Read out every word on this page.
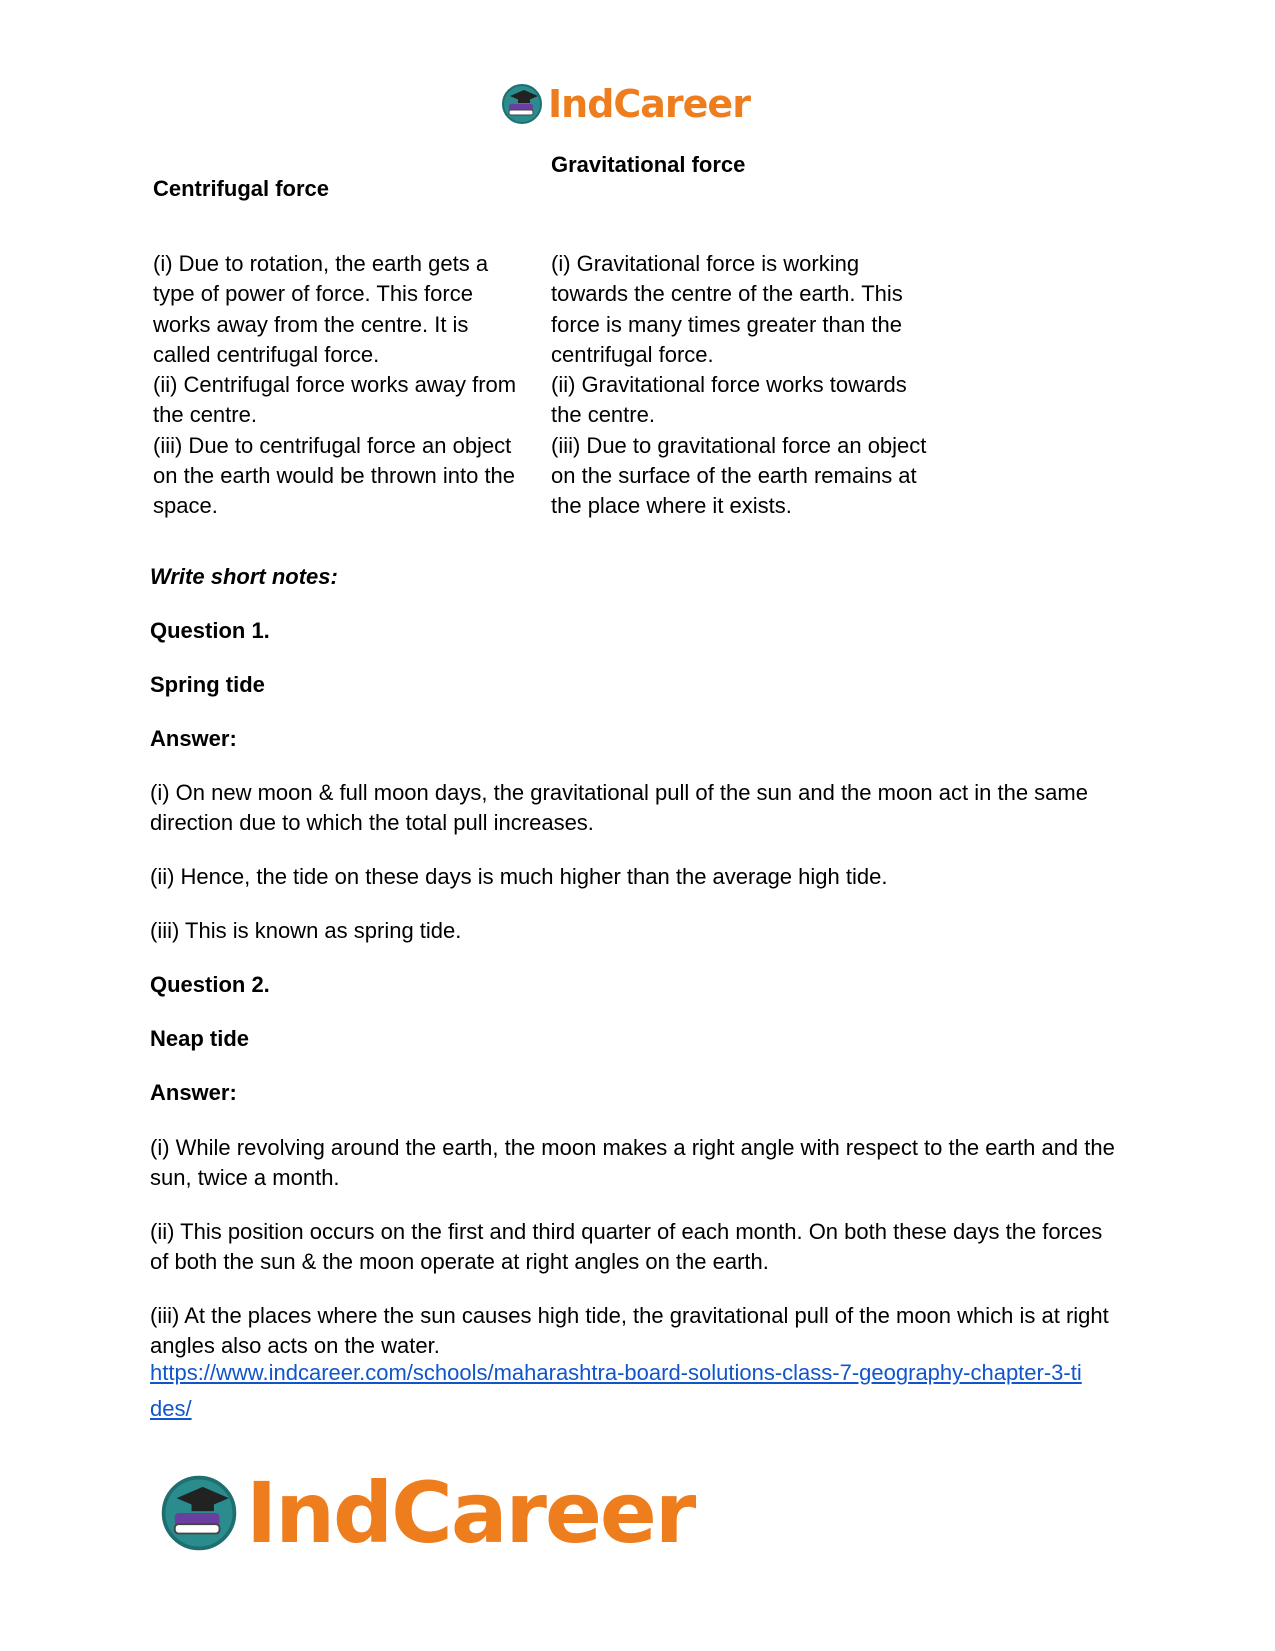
IndCareer

Centrifugal force

Gravitational force

(i) Due to rotation, the earth gets a
type of power of force. This force
works away from the centre. It is
called centrifugal force.
(ii) Centrifugal force works away from
the centre.
(iii) Due to centrifugal force an object
on the earth would be thrown into the
space.
(i) Gravitational force is working
towards the centre of the earth. This
force is many times greater than the
centrifugal force.
(ii) Gravitational force works towards
the centre.
(iii) Due to gravitational force an object
on the surface of the earth remains at
the place where it exists.

Write short notes:

Question 1.

Spring tide

Answer:

(i) On new moon & full moon days, the gravitational pull of the sun and the moon act in the same direction due to which the total pull increases.

(ii) Hence, the tide on these days is much higher than the average high tide.

(iii) This is known as spring tide.

Question 2.

Neap tide

Answer:

(i) While revolving around the earth, the moon makes a right angle with respect to the earth and the sun, twice a month.

(ii) This position occurs on the first and third quarter of each month. On both these days the forces of both the sun & the moon operate at right angles on the earth.

(iii) At the places where the sun causes high tide, the gravitational pull of the moon which is at right angles also acts on the water.

https://www.indcareer.com/schools/maharashtra-board-solutions-class-7-geography-chapter-3-ti
des/

IndCareer
